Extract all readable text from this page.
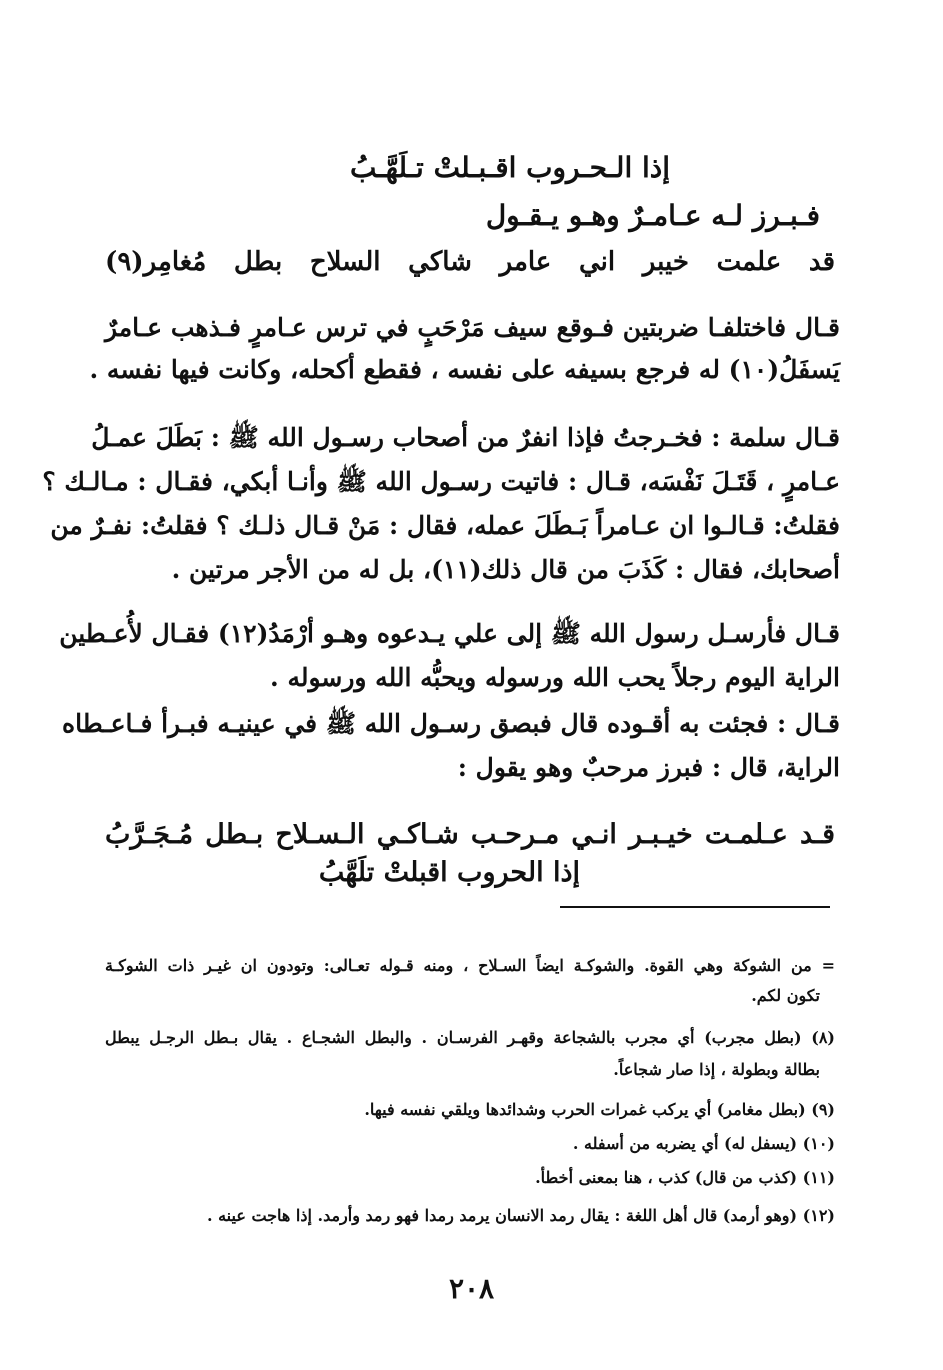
إذا الـحـروب اقـبـلتْ تـلَهَّـبُ
فـبـرز لـه عـامـرٌ وهـو يـقـول
قد علمت خيبر اني عامر شاكي السلاح بطل مُغامِر(٩)
قـال فاختلفـا ضربتين فـوقع سيف مَرْحَبٍ في ترس عـامرٍ فـذهب عـامرٌ
يَسفَلُ(١٠) له فرجع بسيفه على نفسه ، فقطع أكحله، وكانت فيها نفسه .
قـال سلمة : فخـرجتُ فإذا انفرٌ من أصحاب رسـول الله ﷺ : بَطَلَ عمـلُ
عـامرٍ ، قَتَـلَ نَفْسَه، قـال : فاتيت رسـول الله ﷺ وأنـا أبكي، فقـال : مـالـك ؟
فقلتُ: قـالـوا ان عـامراً بَـطَلَ عمله، فقال : مَنْ قـال ذلـك ؟ فقلتُ: نفـرٌ من
أصحابك، فقال : كَذَبَ من قال ذلك(١١)، بل له من الأجر مرتين .
قـال فأرسـل رسول الله ﷺ إلى علي يـدعوه وهـو أرْمَدُ(١٢) فقـال لأُعـطين
الراية اليوم رجلاً يحب الله ورسوله ويحبُّه الله ورسوله .
قـال : فجئت به أقـوده قال فبصق رسـول الله ﷺ في عينيـه فبـرأ فـاعـطاه
الراية، قال : فبرز مرحبٌ وهو يقول :
قـد عـلمـت خيـبـر انـي مـرحـب شـاكـي الـسـلاح بـطل مُـجَـرَّبُ
إذا الحروب اقبلتْ تلَهَّبُ
= من الشوكة وهي القوة. والشوكـة ايضاً السـلاح ، ومنه قـوله تعـالى: وتودون ان غيـر ذات الشوكـة
تكون لكم.
(٨) (بطل مجرب) أي مجرب بالشجاعة وقهـر الفرسـان . والبطل الشجـاع . يقال بـطل الرجـل يبطل
بطالة وبطولة ، إذا صار شجاعاً.
(٩) (بطل مغامر) أي يركب غمرات الحرب وشدائدها ويلقي نفسه فيها.
(١٠) (يسفل له) أي يضربه من أسفله .
(١١) (كذب من قال) كذب ، هنا بمعنى أخطأ.
(١٢) (وهو أرمد) قال أهل اللغة : يقال رمد الانسان يرمد رمدا فهو رمد وأرمد. إذا هاجت عينه .
٢٠٨
